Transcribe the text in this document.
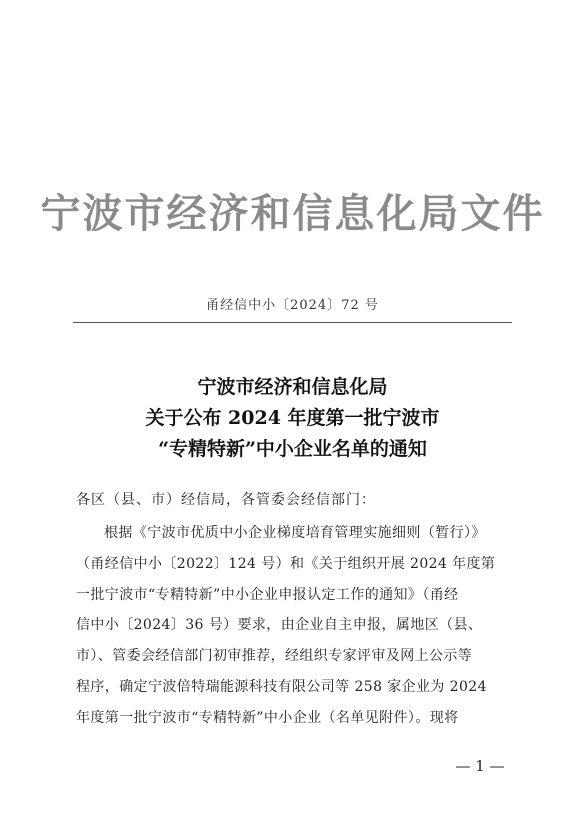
宁波市经济和信息化局文件
甬经信中小〔2024〕72 号
宁波市经济和信息化局
关于公布 2024 年度第一批宁波市
“专精特新”中小企业名单的通知
各区（县、市）经信局，各管委会经信部门：
根据《宁波市优质中小企业梯度培育管理实施细则（暂行）》
（甬经信中小〔2022〕124 号）和《关于组织开展 2024 年度第
一批宁波市“专精特新”中小企业申报认定工作的通知》（甬经
信中小〔2024〕36 号）要求，由企业自主申报，属地区（县、
市）、管委会经信部门初审推荐，经组织专家评审及网上公示等
程序，确定宁波倍特瑞能源科技有限公司等 258 家企业为 2024
年度第一批宁波市“专精特新”中小企业（名单见附件）。现将
— 1 —
